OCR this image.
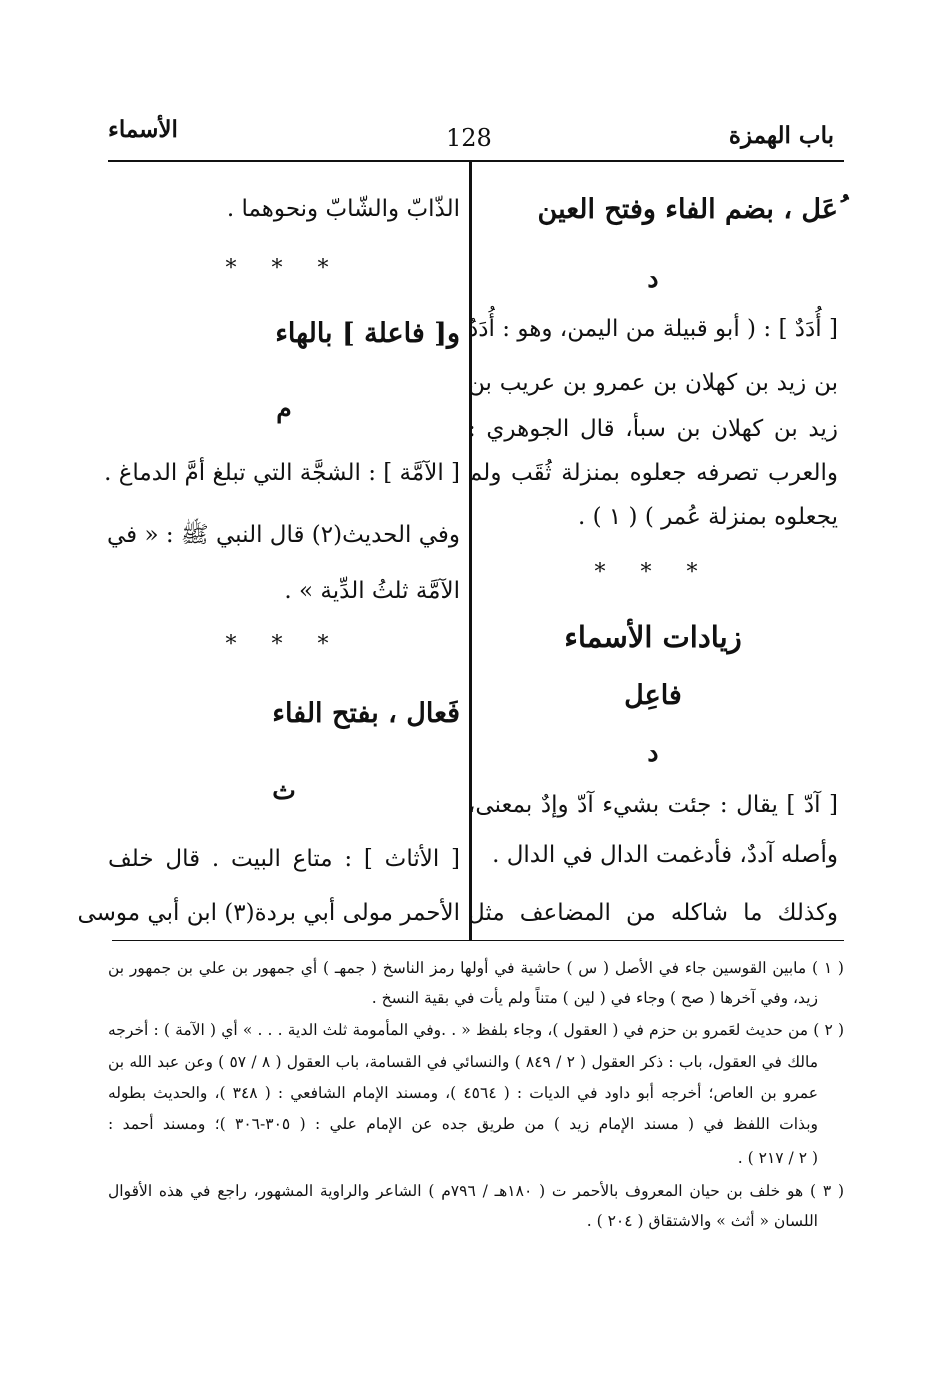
باب الهمزة
128
الأسماء
ُعَل ، بضم الفاء وفتح العين
د
[ أُدَدٌ ] : ( أبو قبيلة من اليمن، وهو : أُدَدُ
بن زيد بن كهلان بن عمرو بن عريب بن
زيد بن كهلان بن سبأ، قال الجوهري :
والعرب تصرفه جعلوه بمنزلة ثُقَب ولم
يجعلوه بمنزلة عُمر ) ( ١ ) .
* * *
زيادات الأسماء
فاعِل
د
[ آدّ ] يقال : جئت بشيء آدّ وإدٌ بمعنى،
وأصله آددٌ، فأدغمت الدال في الدال .
وكذلك ما شاكله من المضاعف مثل
الذّابّ والشّابّ ونحوهما .
* * *
و[ فاعلة ] بالهاء
م
[ الآمَّة ] : الشجَّة التي تبلغ أمَّ الدماغ .
وفي الحديث(٢) قال النبي ﷺ : « في
الآمَّة ثلثُ الدِّية » .
* * *
فَعال ، بفتح الفاء
ث
[ الأثاث ] : متاع البيت . قال خلف
الأحمر مولى أبي بردة(٣) ابن أبي موسى
( ١ ) مابين القوسين جاء في الأصل ( س ) حاشية في أولها رمز الناسخ ( جمهـ ) أي جمهور بن علي بن جمهور بن
زيد، وفي آخرها ( صح ) وجاء في ( لين ) متناً ولم يأت في بقية النسخ .
( ٢ ) من حديث لعَمرو بن حزم في ( العقول )، وجاء بلفظ « . .وفي المأمومة ثلث الدية . . . » أي ( الآمة ) : أخرجه
مالك في العقول، باب : ذكر العقول ( ٢ / ٨٤٩ ) والنسائي في القسامة، باب العقول ( ٨ / ٥٧ ) وعن عبد الله بن
عمرو بن العاص؛ أخرجه أبو داود في الديات : ( ٤٥٦٤ )، ومسند الإمام الشافعي : ( ٣٤٨ )، والحديث بطوله
وبذات اللفظ في ( مسند الإمام زيد ) من طريق جده عن الإمام علي : ( ٣٠٥-٣٠٦ )؛ ومسند أحمد :
( ٢ / ٢١٧ ) .
( ٣ ) هو خلف بن حيان المعروف بالأحمر ت ( ١٨٠هـ / ٧٩٦م ) الشاعر والراوية المشهور، راجع في هذه الأقوال
اللسان « أثث » والاشتقاق ( ٢٠٤ ) .
